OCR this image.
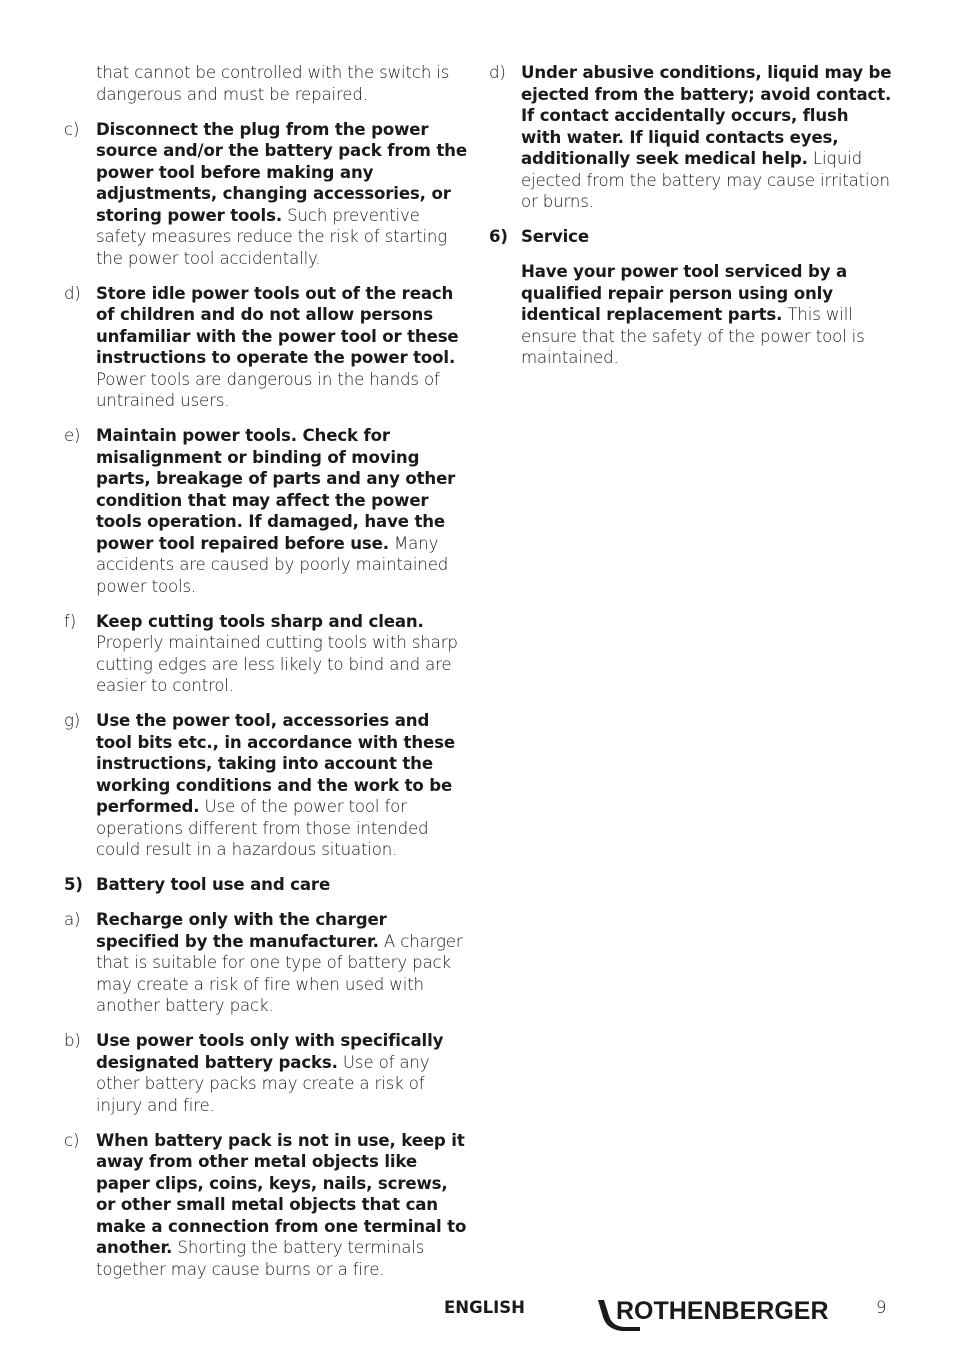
that cannot be controlled with the switch is dangerous and must be repaired.
c)	Disconnect the plug from the power source and/or the battery pack from the power tool before making any adjustments, changing accessories, or storing power tools. Such preventive safety measures reduce the risk of starting the power tool accidentally.
d) Store idle power tools out of the reach of children and do not allow persons unfamiliar with the power tool or these instructions to operate the power tool. Power tools are dangerous in the hands of untrained users.
e) Maintain power tools. Check for misalignment or binding of moving parts, breakage of parts and any other condition that may affect the power tools operation. If damaged, have the power tool repaired before use. Many accidents are caused by poorly maintained power tools.
f)	Keep cutting tools sharp and clean. Properly maintained cutting tools with sharp cutting edges are less likely to bind and are easier to control.
g) Use the power tool, accessories and tool bits etc., in accordance with these instructions, taking into account the working conditions and the work to be performed. Use of the power tool for operations different from those intended could result in a hazardous situation.
5) Battery tool use and care
a) Recharge only with the charger specified by the manufacturer. A charger that is suitable for one type of battery pack may create a risk of fire when used with another battery pack.
b) Use power tools only with specifically designated battery packs. Use of any other battery packs may create a risk of injury and fire.
c)	When battery pack is not in use, keep it away from other metal objects like paper clips, coins, keys, nails, screws, or other small metal objects that can make a connection from one terminal to another. Shorting the battery terminals together may cause burns or a fire.
d) Under abusive conditions, liquid may be ejected from the battery; avoid contact. If contact accidentally occurs, flush with water. If liquid contacts eyes, additionally seek medical help. Liquid ejected from the battery may cause irritation or burns.
6) Service
Have your power tool serviced by a qualified repair person using only identical replacement parts. This will ensure that the safety of the power tool is maintained.
ENGLISH	ROTHENBERGER	9
